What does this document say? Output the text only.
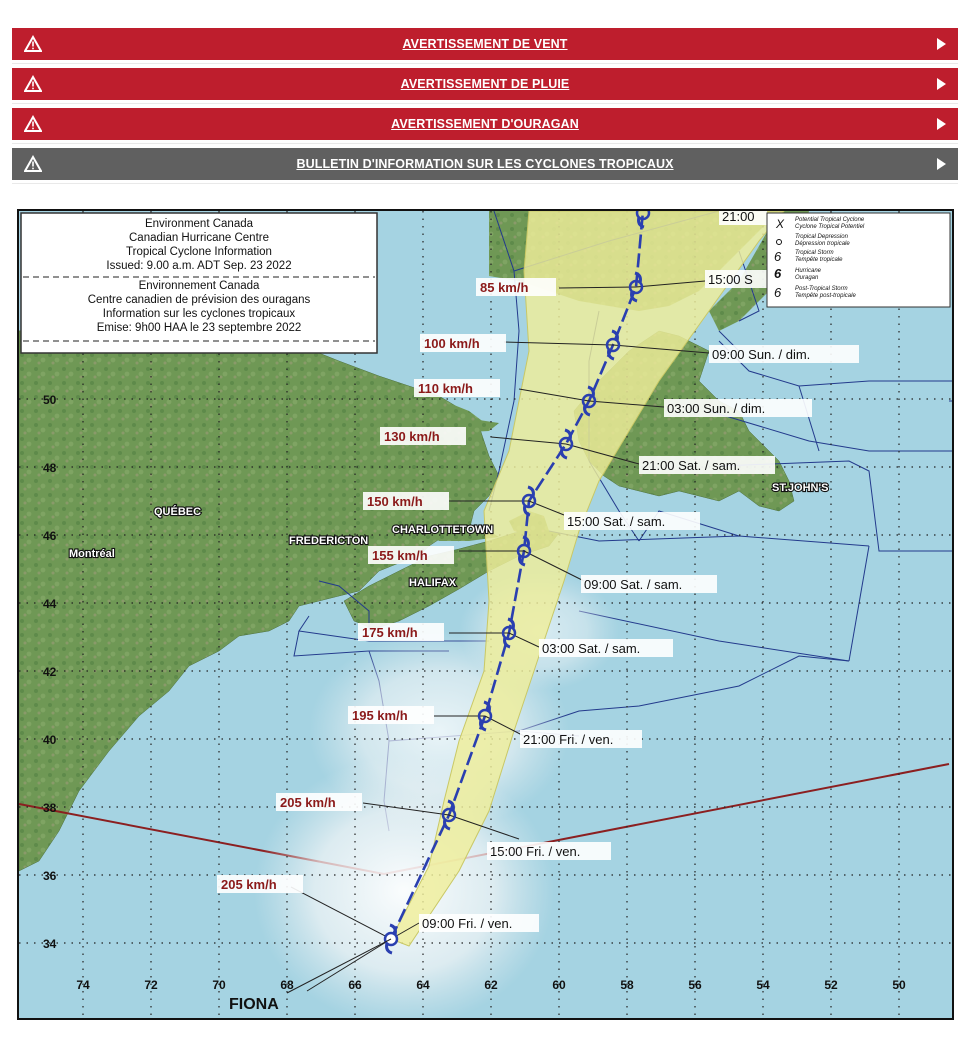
AVERTISSEMENT DE VENT
AVERTISSEMENT DE PLUIE
AVERTISSEMENT D'OURAGAN
BULLETIN D'INFORMATION SUR LES CYCLONES TROPICAUX
50
48
46
44
42
40
38
36
34
74	72	70	68	66	64	62	60	58	56	54	52	50
QUÉBEC
Montréal
FREDERICTON
CHARLOTTETOWN
HALIFAX
ST.JOHN'S
09:00 Fri. / ven.
15:00 Fri. / ven.
21:00 Fri. / ven.
03:00 Sat. / sam.
09:00 Sat. / sam.
15:00 Sat. / sam.
21:00 Sat. / sam.
03:00 Sun. / dim.
09:00 Sun. / dim.
15:00 S
21:00
205 km/h
205 km/h
195 km/h
175 km/h
155 km/h
150 km/h
130 km/h
110 km/h
100 km/h
85 km/h
FIONA
Environment Canada
Canadian Hurricane Centre
Tropical Cyclone Information
Issued: 9.00 a.m. ADT Sep. 23 2022
Environnement Canada
Centre canadien de prévision des ouragans
Information sur les cyclones tropicaux
Emise: 9h00 HAA le 23 septembre 2022
X Potential Tropical Cyclone
Cyclone Tropical Potentiel
Tropical Depression
Dépression tropicale
6 Tropical Storm
Tempête tropicale
6 Hurricane
Ouragan
6 Post-Tropical Storm
Tempête post-tropicale
